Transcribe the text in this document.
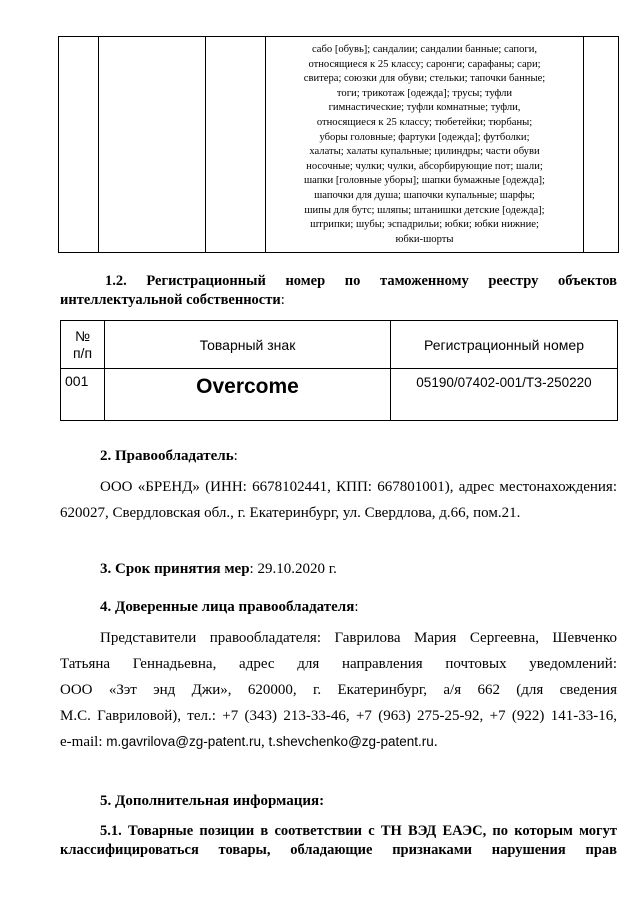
сабо [обувь]; сандалии; сандалии банные; сапоги,
относящиеся к 25 классу; саронги; сарафаны; сари;
свитера; союзки для обуви; стельки; тапочки банные;
тоги; трикотаж [одежда]; трусы; туфли
гимнастические; туфли комнатные; туфли,
относящиеся к 25 классу; тюбетейки; тюрбаны;
уборы головные; фартуки [одежда]; футболки;
халаты; халаты купальные; цилиндры; части обуви
носочные; чулки; чулки, абсорбирующие пот; шали;
шапки [головные уборы]; шапки бумажные [одежда];
шапочки для душа; шапочки купальные; шарфы;
шипы для бутс; шляпы; штанишки детские [одежда];
штрипки; шубы; эспадрильи; юбки; юбки нижние;
юбки-шорты

1.2. Регистрационный номер по таможенному реестру объектов
интеллектуальной собственности:
№
п/п	Товарный знак	Регистрационный номер
001	Overcome	05190/07402-001/ТЗ-250220
2. Правообладатель:
ООО «БРЕНД» (ИНН: 6678102441, КПП: 667801001), адрес местонахождения:
620027, Свердловская обл., г. Екатеринбург, ул. Свердлова, д.66, пом.21.
3. Срок принятия мер: 29.10.2020 г.
4. Доверенные лица правообладателя:
Представители правообладателя: Гаврилова Мария Сергеевна, Шевченко
Татьяна Геннадьевна, адрес для направления почтовых уведомлений:
ООО «Зэт энд Джи», 620000, г. Екатеринбург, а/я 662 (для сведения
М.С. Гавриловой), тел.: +7 (343) 213-33-46, +7 (963) 275-25-92, +7 (922) 141-33-16,
e-mail: m.gavrilova@zg-patent.ru, t.shevchenko@zg-patent.ru.
5. Дополнительная информация:
5.1. Товарные позиции в соответствии с ТН ВЭД ЕАЭС, по которым могут
классифицироваться товары, обладающие признаками нарушения прав
